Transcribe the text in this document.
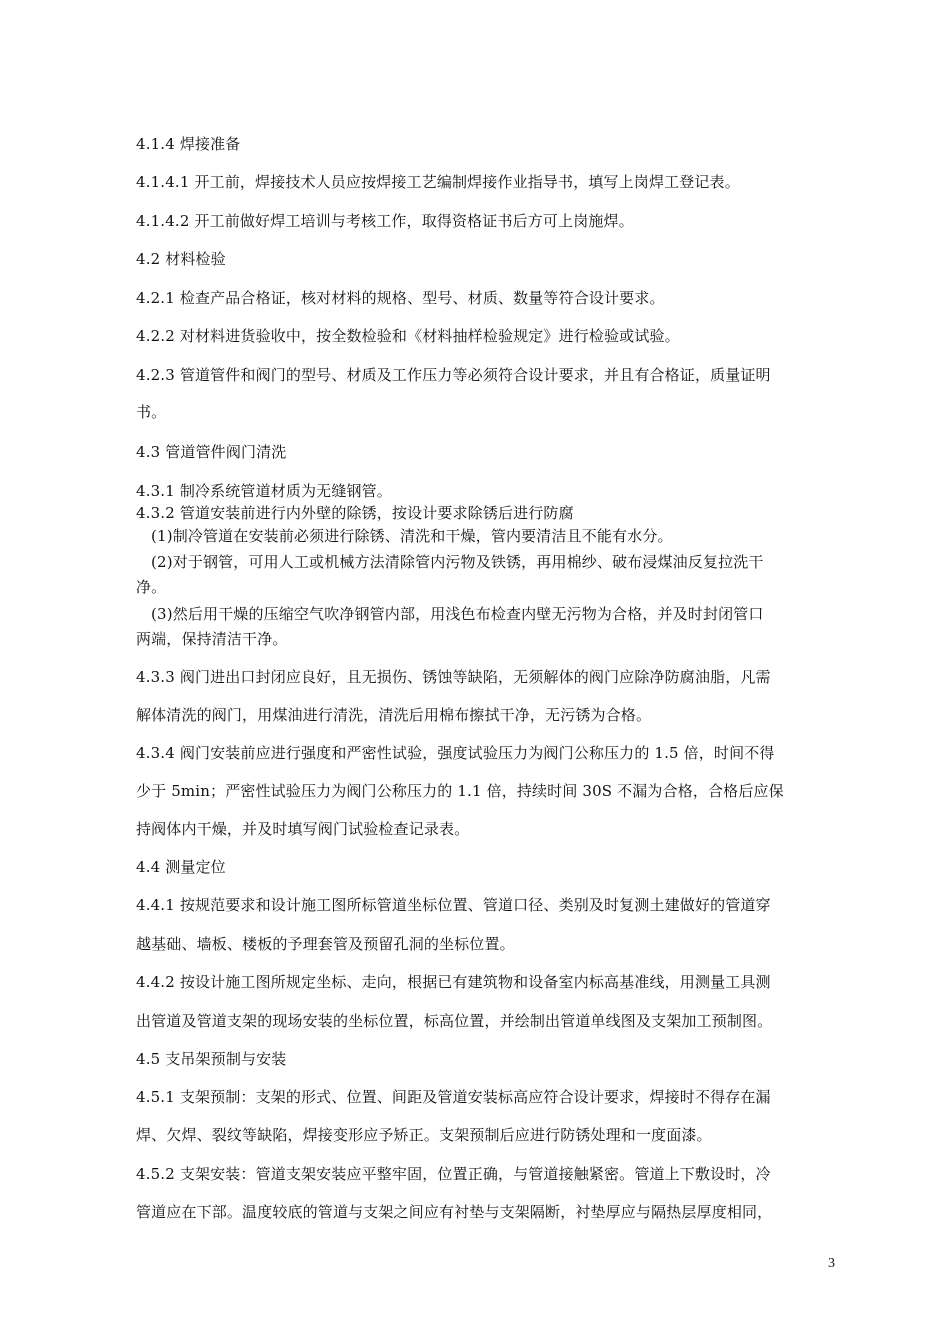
4.1.4 焊接准备
4.1.4.1 开工前，焊接技术人员应按焊接工艺编制焊接作业指导书，填写上岗焊工登记表。
4.1.4.2 开工前做好焊工培训与考核工作，取得资格证书后方可上岗施焊。
4.2 材料检验
4.2.1 检查产品合格证，核对材料的规格、型号、材质、数量等符合设计要求。
4.2.2 对材料进货验收中，按全数检验和《材料抽样检验规定》进行检验或试验。
4.2.3 管道管件和阀门的型号、材质及工作压力等必须符合设计要求，并且有合格证，质量证明
书。
4.3 管道管件阀门清洗
4.3.1 制冷系统管道材质为无缝钢管。
4.3.2 管道安装前进行内外壁的除锈，按设计要求除锈后进行防腐
(1)制冷管道在安装前必须进行除锈、清洗和干燥，管内要清洁且不能有水分。
(2)对于钢管，可用人工或机械方法清除管内污物及铁锈，再用棉纱、破布浸煤油反复拉洗干
净。
(3)然后用干燥的压缩空气吹净钢管内部，用浅色布检查内壁无污物为合格，并及时封闭管口
两端，保持清洁干净。
4.3.3 阀门进出口封闭应良好，且无损伤、锈蚀等缺陷，无须解体的阀门应除净防腐油脂，凡需
解体清洗的阀门，用煤油进行清洗，清洗后用棉布擦拭干净，无污锈为合格。
4.3.4 阀门安装前应进行强度和严密性试验，强度试验压力为阀门公称压力的 1.5 倍，时间不得
少于 5min；严密性试验压力为阀门公称压力的 1.1 倍，持续时间 30S 不漏为合格，合格后应保
持阀体内干燥，并及时填写阀门试验检查记录表。
4.4 测量定位
4.4.1 按规范要求和设计施工图所标管道坐标位置、管道口径、类别及时复测土建做好的管道穿
越基础、墙板、楼板的予理套管及预留孔洞的坐标位置。
4.4.2 按设计施工图所规定坐标、走向，根据已有建筑物和设备室内标高基准线，用测量工具测
出管道及管道支架的现场安装的坐标位置，标高位置，并绘制出管道单线图及支架加工预制图。
4.5 支吊架预制与安装
4.5.1 支架预制：支架的形式、位置、间距及管道安装标高应符合设计要求，焊接时不得存在漏
焊、欠焊、裂纹等缺陷，焊接变形应予矫正。支架预制后应进行防锈处理和一度面漆。
4.5.2 支架安装：管道支架安装应平整牢固，位置正确，与管道接触紧密。管道上下敷设时，冷
管道应在下部。温度较底的管道与支架之间应有衬垫与支架隔断，衬垫厚应与隔热层厚度相同，
3
